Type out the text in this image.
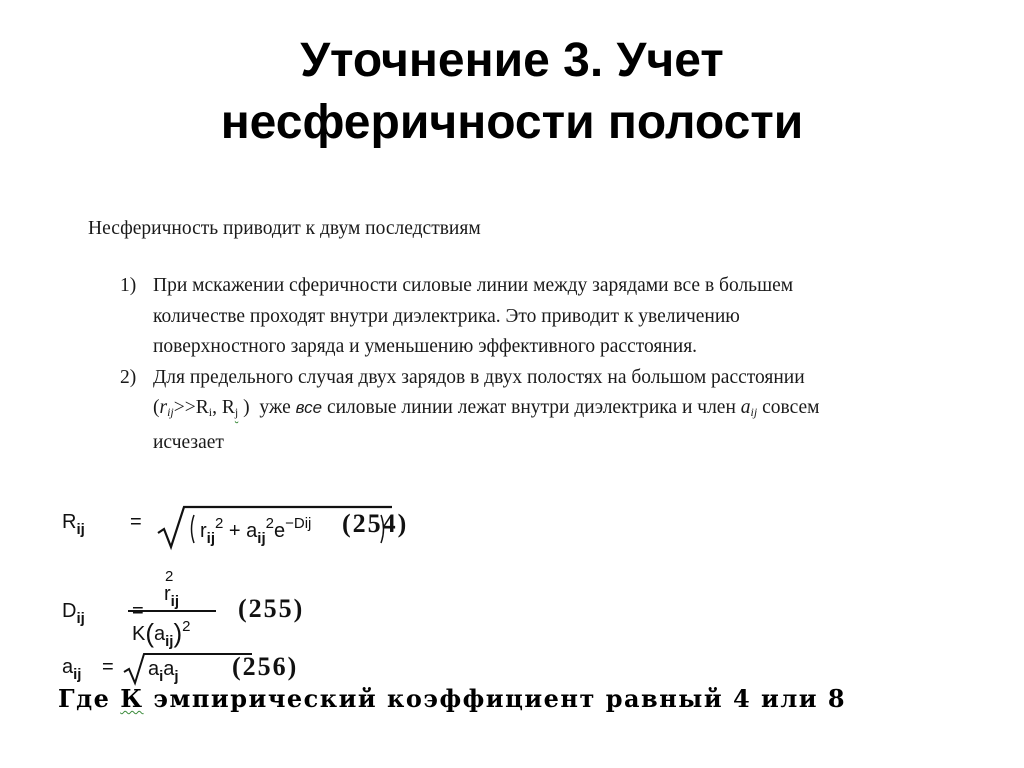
Уточнение 3. Учет
несферичности полости
Несферичность приводит к двум последствиям
1) При мскажении сферичности силовые линии между зарядами все в большем
количестве проходят внутри диэлектрика. Это приводит к увеличению
поверхностного заряда и уменьшению эффективного расстояния.
2) Для предельного случая двух зарядов в двух полостях на большом расстоянии
($r_{ij}>>Ri$, Rj ) уже все силовые линии лежат внутри диэлектрика и член $a_{ij}$ совсем
исчезает
$R_{ij}$ =	$r_{ij}^2 + a_{ij}^2e^{-Dij}$ (254)
$D_{ij}$ =
$r_{ij}^2$
$K(a_{ij})^2$
(255)
$a_{ij} = a_ia_j$ (256)
Где К эмпирический коэффициент равный 4 или 8
